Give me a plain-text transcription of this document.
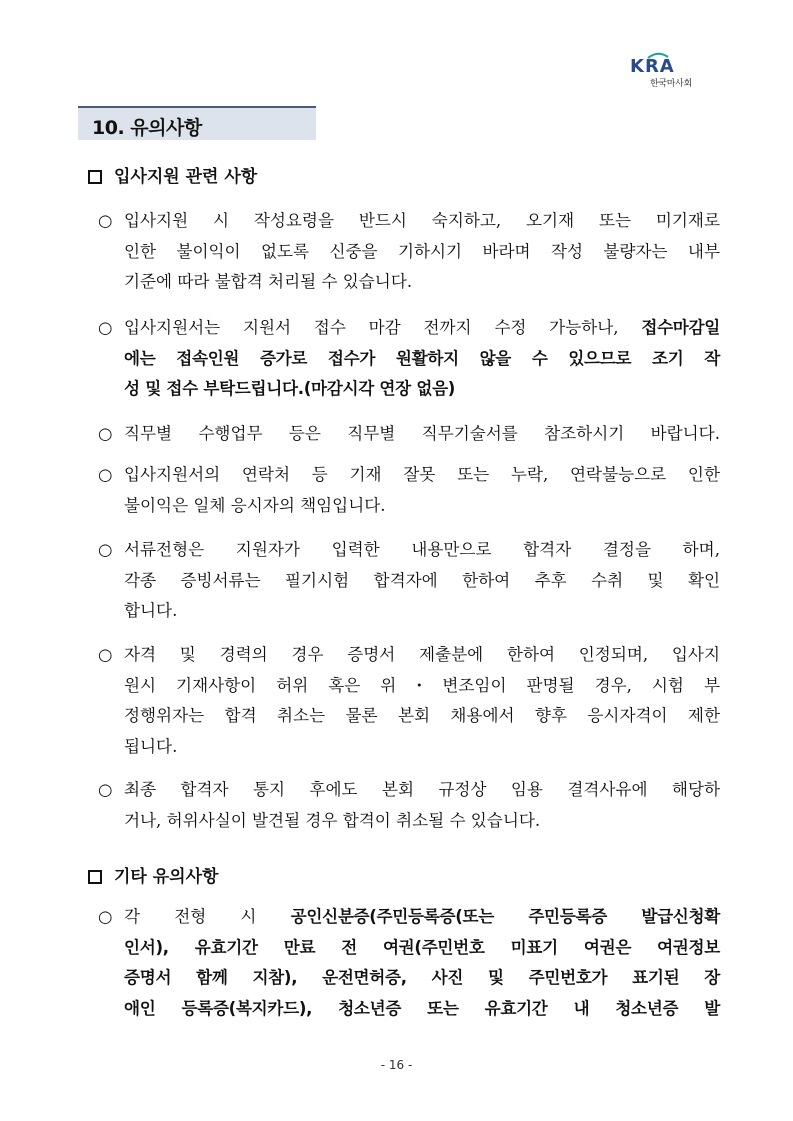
KRA
한국마사회
10. 유의사항
입사지원 관련 사항
○ 입사지원 시 작성요령을 반드시 숙지하고, 오기재 또는 미기재로
인한 불이익이 없도록 신중을 기하시기 바라며 작성 불량자는 내부
기준에 따라 불합격 처리될 수 있습니다.
○ 입사지원서는 지원서 접수 마감 전까지 수정 가능하나, 접수마감일
에는 접속인원 증가로 접수가 원활하지 않을 수 있으므로 조기 작
성 및 접수 부탁드립니다.(마감시각 연장 없음)
○ 직무별 수행업무 등은 직무별 직무기술서를 참조하시기 바랍니다.
○ 입사지원서의 연락처 등 기재 잘못 또는 누락, 연락불능으로 인한
불이익은 일체 응시자의 책임입니다.
○ 서류전형은 지원자가 입력한 내용만으로 합격자 결정을 하며,
각종 증빙서류는 필기시험 합격자에 한하여 추후 수취 및 확인
합니다.
○ 자격 및 경력의 경우 증명서 제출분에 한하여 인정되며, 입사지
원시 기재사항이 허위 혹은 위・변조임이 판명될 경우, 시험 부
정행위자는 합격 취소는 물론 본회 채용에서 향후 응시자격이 제한
됩니다.
○ 최종 합격자 통지 후에도 본회 규정상 임용 결격사유에 해당하
거나, 허위사실이 발견될 경우 합격이 취소될 수 있습니다.
기타 유의사항
○ 각 전형 시 공인신분증(주민등록증(또는 주민등록증 발급신청확
인서), 유효기간 만료 전 여권(주민번호 미표기 여권은 여권정보
증명서 함께 지참), 운전면허증, 사진 및 주민번호가 표기된 장
애인 등록증(복지카드), 청소년증 또는 유효기간 내 청소년증 발
- 16 -
